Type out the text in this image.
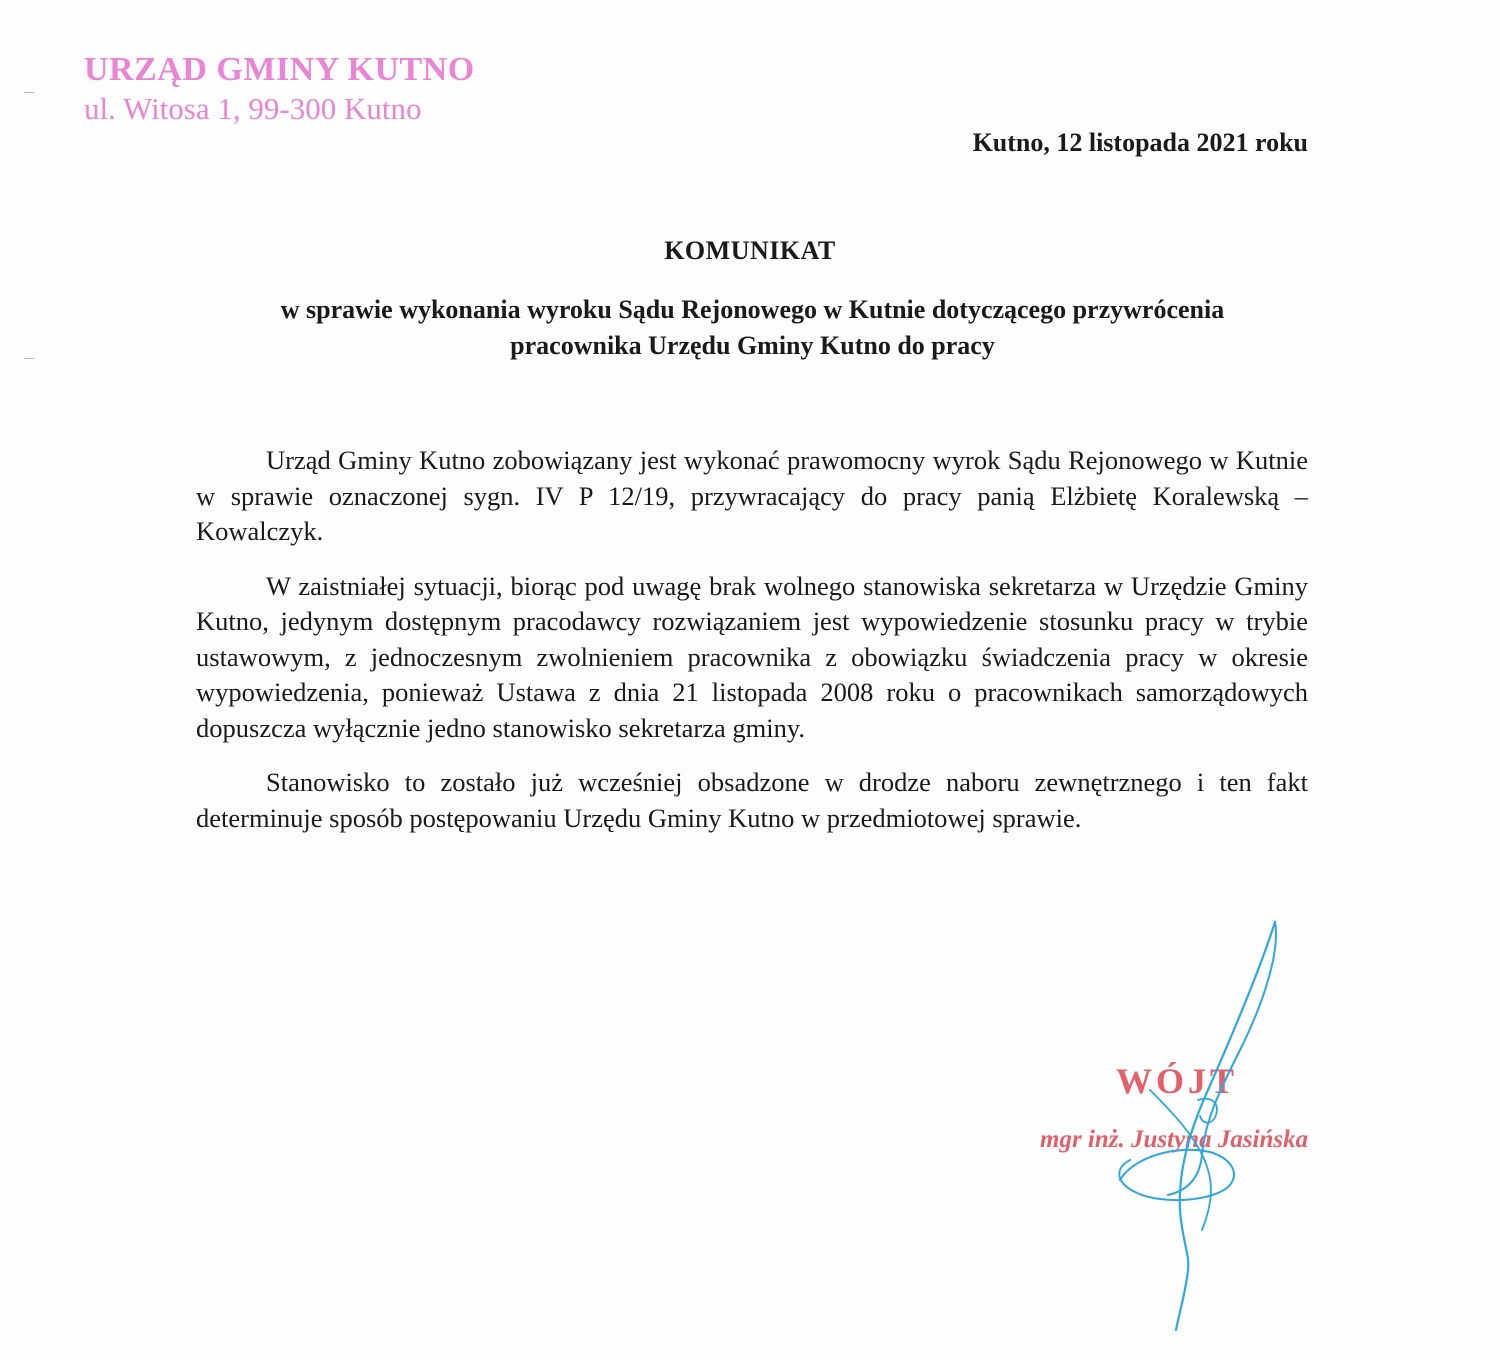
URZĄD GMINY KUTNO
ul. Witosa 1, 99-300 Kutno
Kutno, 12 listopada 2021 roku
KOMUNIKAT
w sprawie wykonania wyroku Sądu Rejonowego w Kutnie dotyczącego przywrócenia
pracownika Urzędu Gminy Kutno do pracy

Urząd Gminy Kutno zobowiązany jest wykonać prawomocny wyrok Sądu Rejonowego w Kutnie w sprawie oznaczonej sygn. IV P 12/19, przywracający do pracy panią Elżbietę Koralewską – Kowalczyk.

W zaistniałej sytuacji, biorąc pod uwagę brak wolnego stanowiska sekretarza w Urzędzie Gminy Kutno, jedynym dostępnym pracodawcy rozwiązaniem jest wypowiedzenie stosunku pracy w trybie ustawowym, z jednoczesnym zwolnieniem pracownika z obowiązku świadczenia pracy w okresie wypowiedzenia, ponieważ Ustawa z dnia 21 listopada 2008 roku o pracownikach samorządowych dopuszcza wyłącznie jedno stanowisko sekretarza gminy.

Stanowisko to zostało już wcześniej obsadzone w drodze naboru zewnętrznego i ten fakt determinuje sposób postępowaniu Urzędu Gminy Kutno w przedmiotowej sprawie.

WÓJT
mgr inż. Justyna Jasińska
